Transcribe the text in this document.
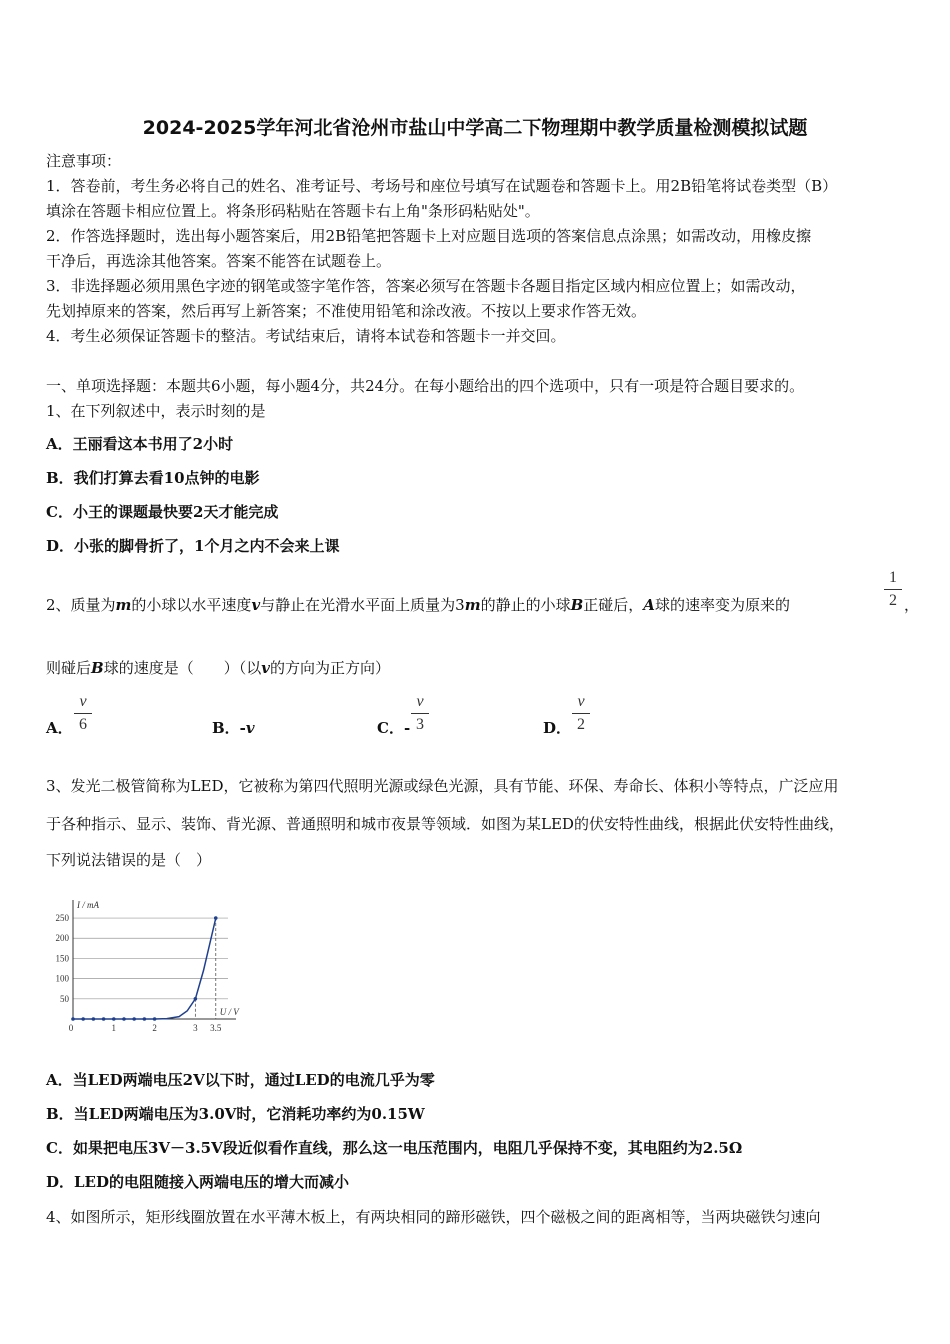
2024-2025学年河北省沧州市盐山中学高二下物理期中教学质量检测模拟试题
注意事项：
1．答卷前，考生务必将自己的姓名、准考证号、考场号和座位号填写在试题卷和答题卡上。用2B铅笔将试卷类型（B）
填涂在答题卡相应位置上。将条形码粘贴在答题卡右上角"条形码粘贴处"。
2．作答选择题时，选出每小题答案后，用2B铅笔把答题卡上对应题目选项的答案信息点涂黑；如需改动，用橡皮擦
干净后，再选涂其他答案。答案不能答在试题卷上。
3．非选择题必须用黑色字迹的钢笔或签字笔作答，答案必须写在答题卡各题目指定区域内相应位置上；如需改动，
先划掉原来的答案，然后再写上新答案；不准使用铅笔和涂改液。不按以上要求作答无效。
4．考生必须保证答题卡的整洁。考试结束后，请将本试卷和答题卡一并交回。
一、单项选择题：本题共6小题，每小题4分，共24分。在每小题给出的四个选项中，只有一项是符合题目要求的。
1、在下列叙述中，表示时刻的是
A．王丽看这本书用了2小时
B．我们打算去看10点钟的电影
C．小王的课题最快要2天才能完成
D．小张的脚骨折了，1个月之内不会来上课
2、质量为m的小球以水平速度v与静止在光滑水平面上质量为3m的静止的小球B正碰后，A球的速率变为原来的
1
2 ，
则碰后B球的速度是（　　）（以v的方向为正方向）
A．
v
6	B．-v	C．-
v
3	D．
v
2
3、发光二极管简称为LED，它被称为第四代照明光源或绿色光源，具有节能、环保、寿命长、体积小等特点，广泛应用
于各种指示、显示、装饰、背光源、普通照明和城市夜景等领域．如图为某LED的伏安特性曲线，根据此伏安特性曲线，
下列说法错误的是（　）
250
200
150
100
50
I / mA
U / V
0	1	2	3 3.5
A．当LED两端电压2V以下时，通过LED的电流几乎为零
B．当LED两端电压为3.0V时，它消耗功率约为0.15W
C．如果把电压3V－3.5V段近似看作直线，那么这一电压范围内，电阻几乎保持不变，其电阻约为2.5Ω
D．LED的电阻随接入两端电压的增大而减小
4、如图所示，矩形线圈放置在水平薄木板上，有两块相同的蹄形磁铁，四个磁极之间的距离相等，当两块磁铁匀速向
